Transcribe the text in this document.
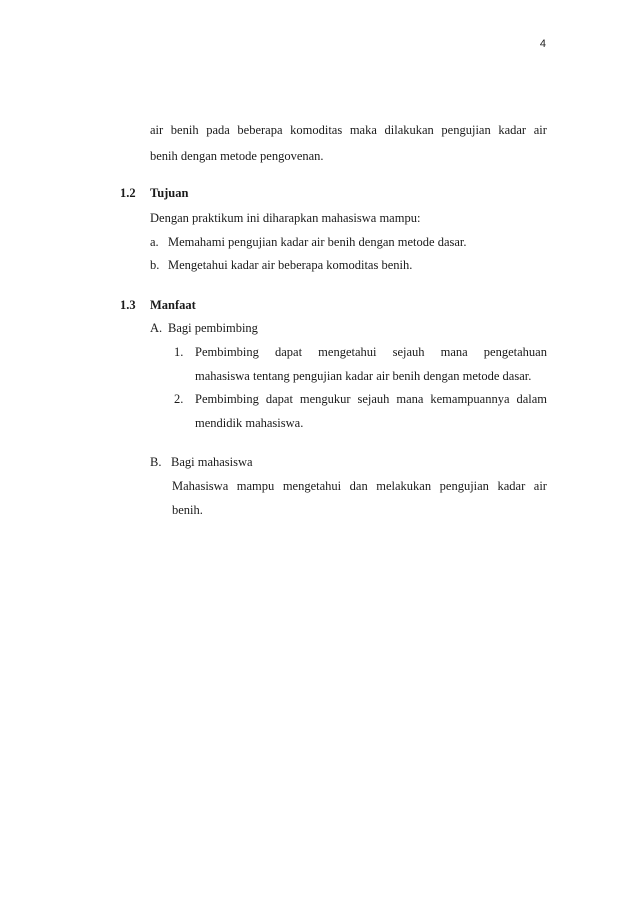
4
air benih pada beberapa komoditas maka dilakukan pengujian kadar air
benih dengan metode pengovenan.
1.2 Tujuan
Dengan praktikum ini diharapkan mahasiswa mampu:
a. Memahami pengujian kadar air benih dengan metode dasar.
b. Mengetahui kadar air beberapa komoditas benih.
1.3 Manfaat
A. Bagi pembimbing
1. Pembimbing dapat mengetahui sejauh mana pengetahuan
mahasiswa tentang pengujian kadar air benih dengan metode dasar.
2. Pembimbing dapat mengukur sejauh mana kemampuannya dalam
mendidik mahasiswa.
B. Bagi mahasiswa
Mahasiswa mampu mengetahui dan melakukan pengujian kadar air
benih.
